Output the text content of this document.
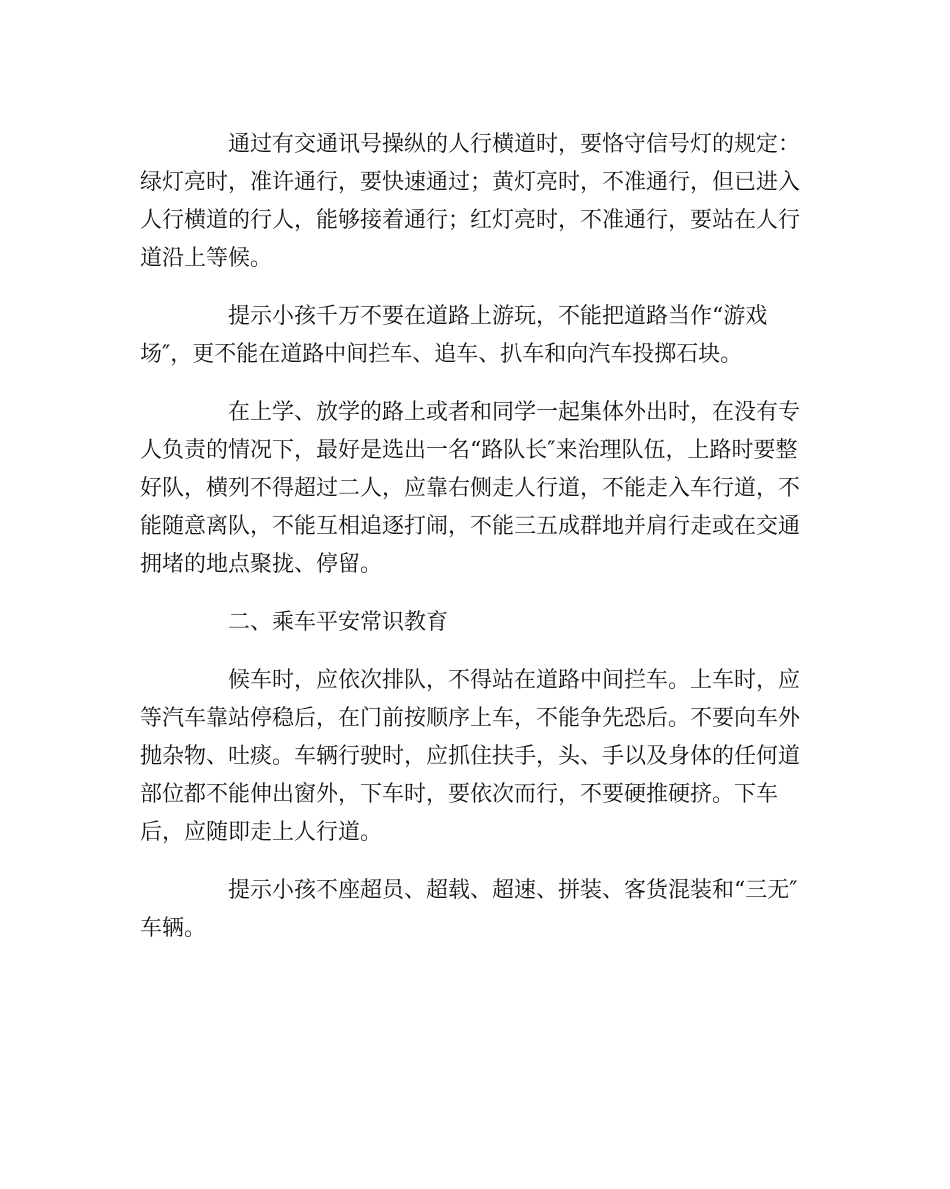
通过有交通讯号操纵的人行横道时，要恪守信号灯的规定：
绿灯亮时，准许通行，要快速通过；黄灯亮时，不准通行，但已进入
人行横道的行人，能够接着通行；红灯亮时，不准通行，要站在人行
道沿上等候。

提示小孩千万不要在道路上游玩，不能把道路当作“游戏
场″，更不能在道路中间拦车、追车、扒车和向汽车投掷石块。

在上学、放学的路上或者和同学一起集体外出时，在没有专
人负责的情况下，最好是选出一名“路队长″来治理队伍，上路时要整
好队，横列不得超过二人，应靠右侧走人行道，不能走入车行道，不
能随意离队，不能互相追逐打闹，不能三五成群地并肩行走或在交通
拥堵的地点聚拢、停留。

二、乘车平安常识教育

候车时，应依次排队，不得站在道路中间拦车。上车时，应
等汽车靠站停稳后，在门前按顺序上车，不能争先恐后。不要向车外
抛杂物、吐痰。车辆行驶时，应抓住扶手，头、手以及身体的任何道
部位都不能伸出窗外，下车时，要依次而行，不要硬推硬挤。下车
后，应随即走上人行道。

提示小孩不座超员、超载、超速、拼装、客货混装和“三无″
车辆。
